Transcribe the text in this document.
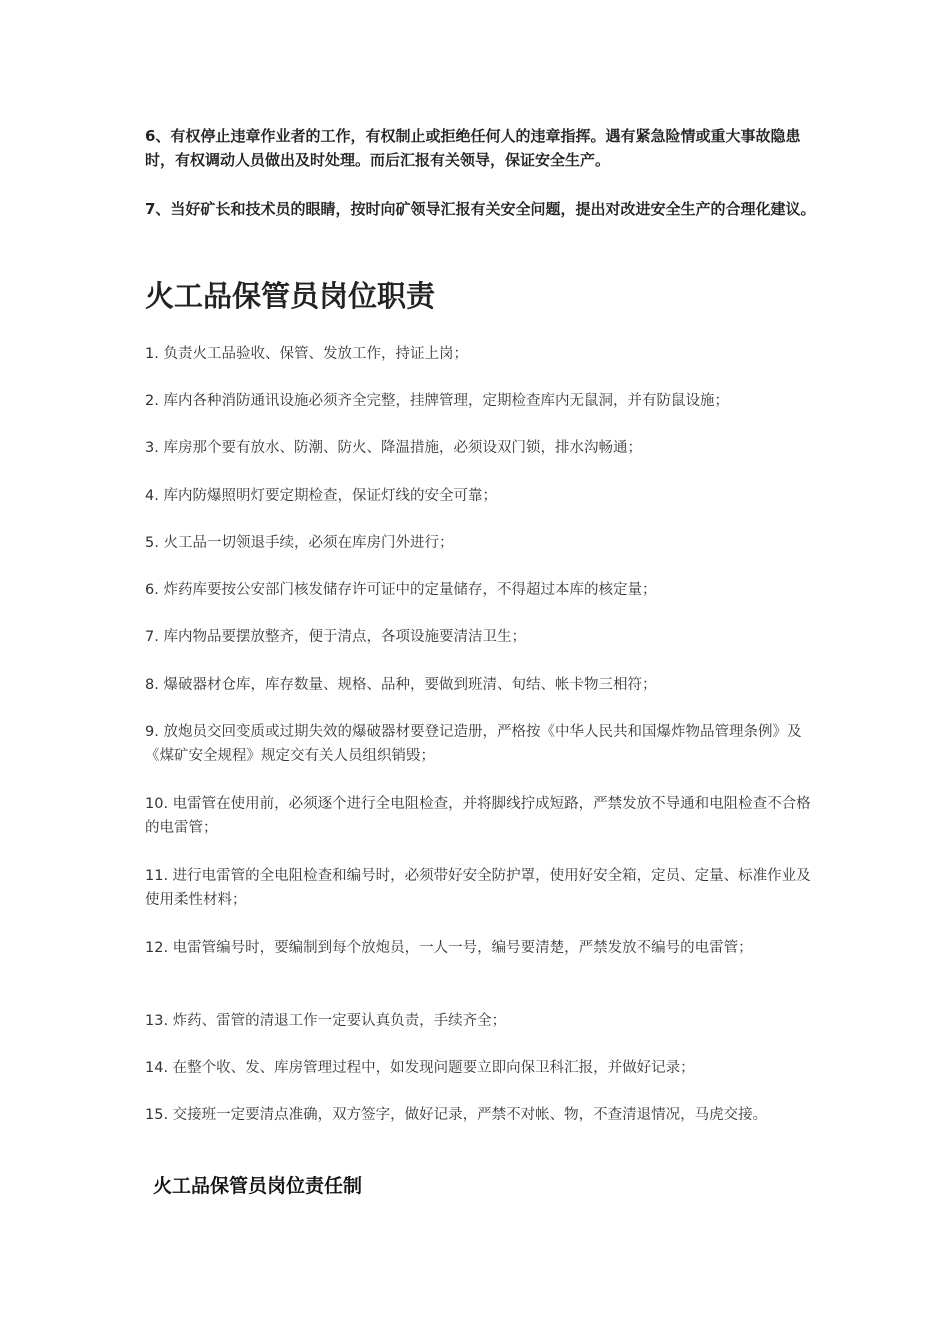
6、有权停止违章作业者的工作，有权制止或拒绝任何人的违章指挥。遇有紧急险情或重大事故隐患时，有权调动人员做出及时处理。而后汇报有关领导，保证安全生产。

7、当好矿长和技术员的眼睛，按时向矿领导汇报有关安全问题，提出对改进安全生产的合理化建议。

火工品保管员岗位职责

1. 负责火工品验收、保管、发放工作，持证上岗；

2. 库内各种消防通讯设施必须齐全完整，挂牌管理，定期检查库内无鼠洞，并有防鼠设施；

3. 库房那个要有放水、防潮、防火、降温措施，必须设双门锁，排水沟畅通；

4. 库内防爆照明灯要定期检查，保证灯线的安全可靠；

5. 火工品一切领退手续，必须在库房门外进行；

6. 炸药库要按公安部门核发储存许可证中的定量储存，不得超过本库的核定量；

7. 库内物品要摆放整齐，便于清点，各项设施要清洁卫生；

8. 爆破器材仓库，库存数量、规格、品种，要做到班清、旬结、帐卡物三相符；

9. 放炮员交回变质或过期失效的爆破器材要登记造册，严格按《中华人民共和国爆炸物品管理条例》及《煤矿安全规程》规定交有关人员组织销毁；

10. 电雷管在使用前，必须逐个进行全电阻检查，并将脚线拧成短路，严禁发放不导通和电阻检查不合格的电雷管；

11. 进行电雷管的全电阻检查和编号时，必须带好安全防护罩，使用好安全箱，定员、定量、标准作业及使用柔性材料；

12. 电雷管编号时，要编制到每个放炮员，一人一号，编号要清楚，严禁发放不编号的电雷管；

13. 炸药、雷管的清退工作一定要认真负责，手续齐全；

14. 在整个收、发、库房管理过程中，如发现问题要立即向保卫科汇报，并做好记录；

15. 交接班一定要清点准确，双方签字，做好记录，严禁不对帐、物，不查清退情况，马虎交接。

火工品保管员岗位责任制
